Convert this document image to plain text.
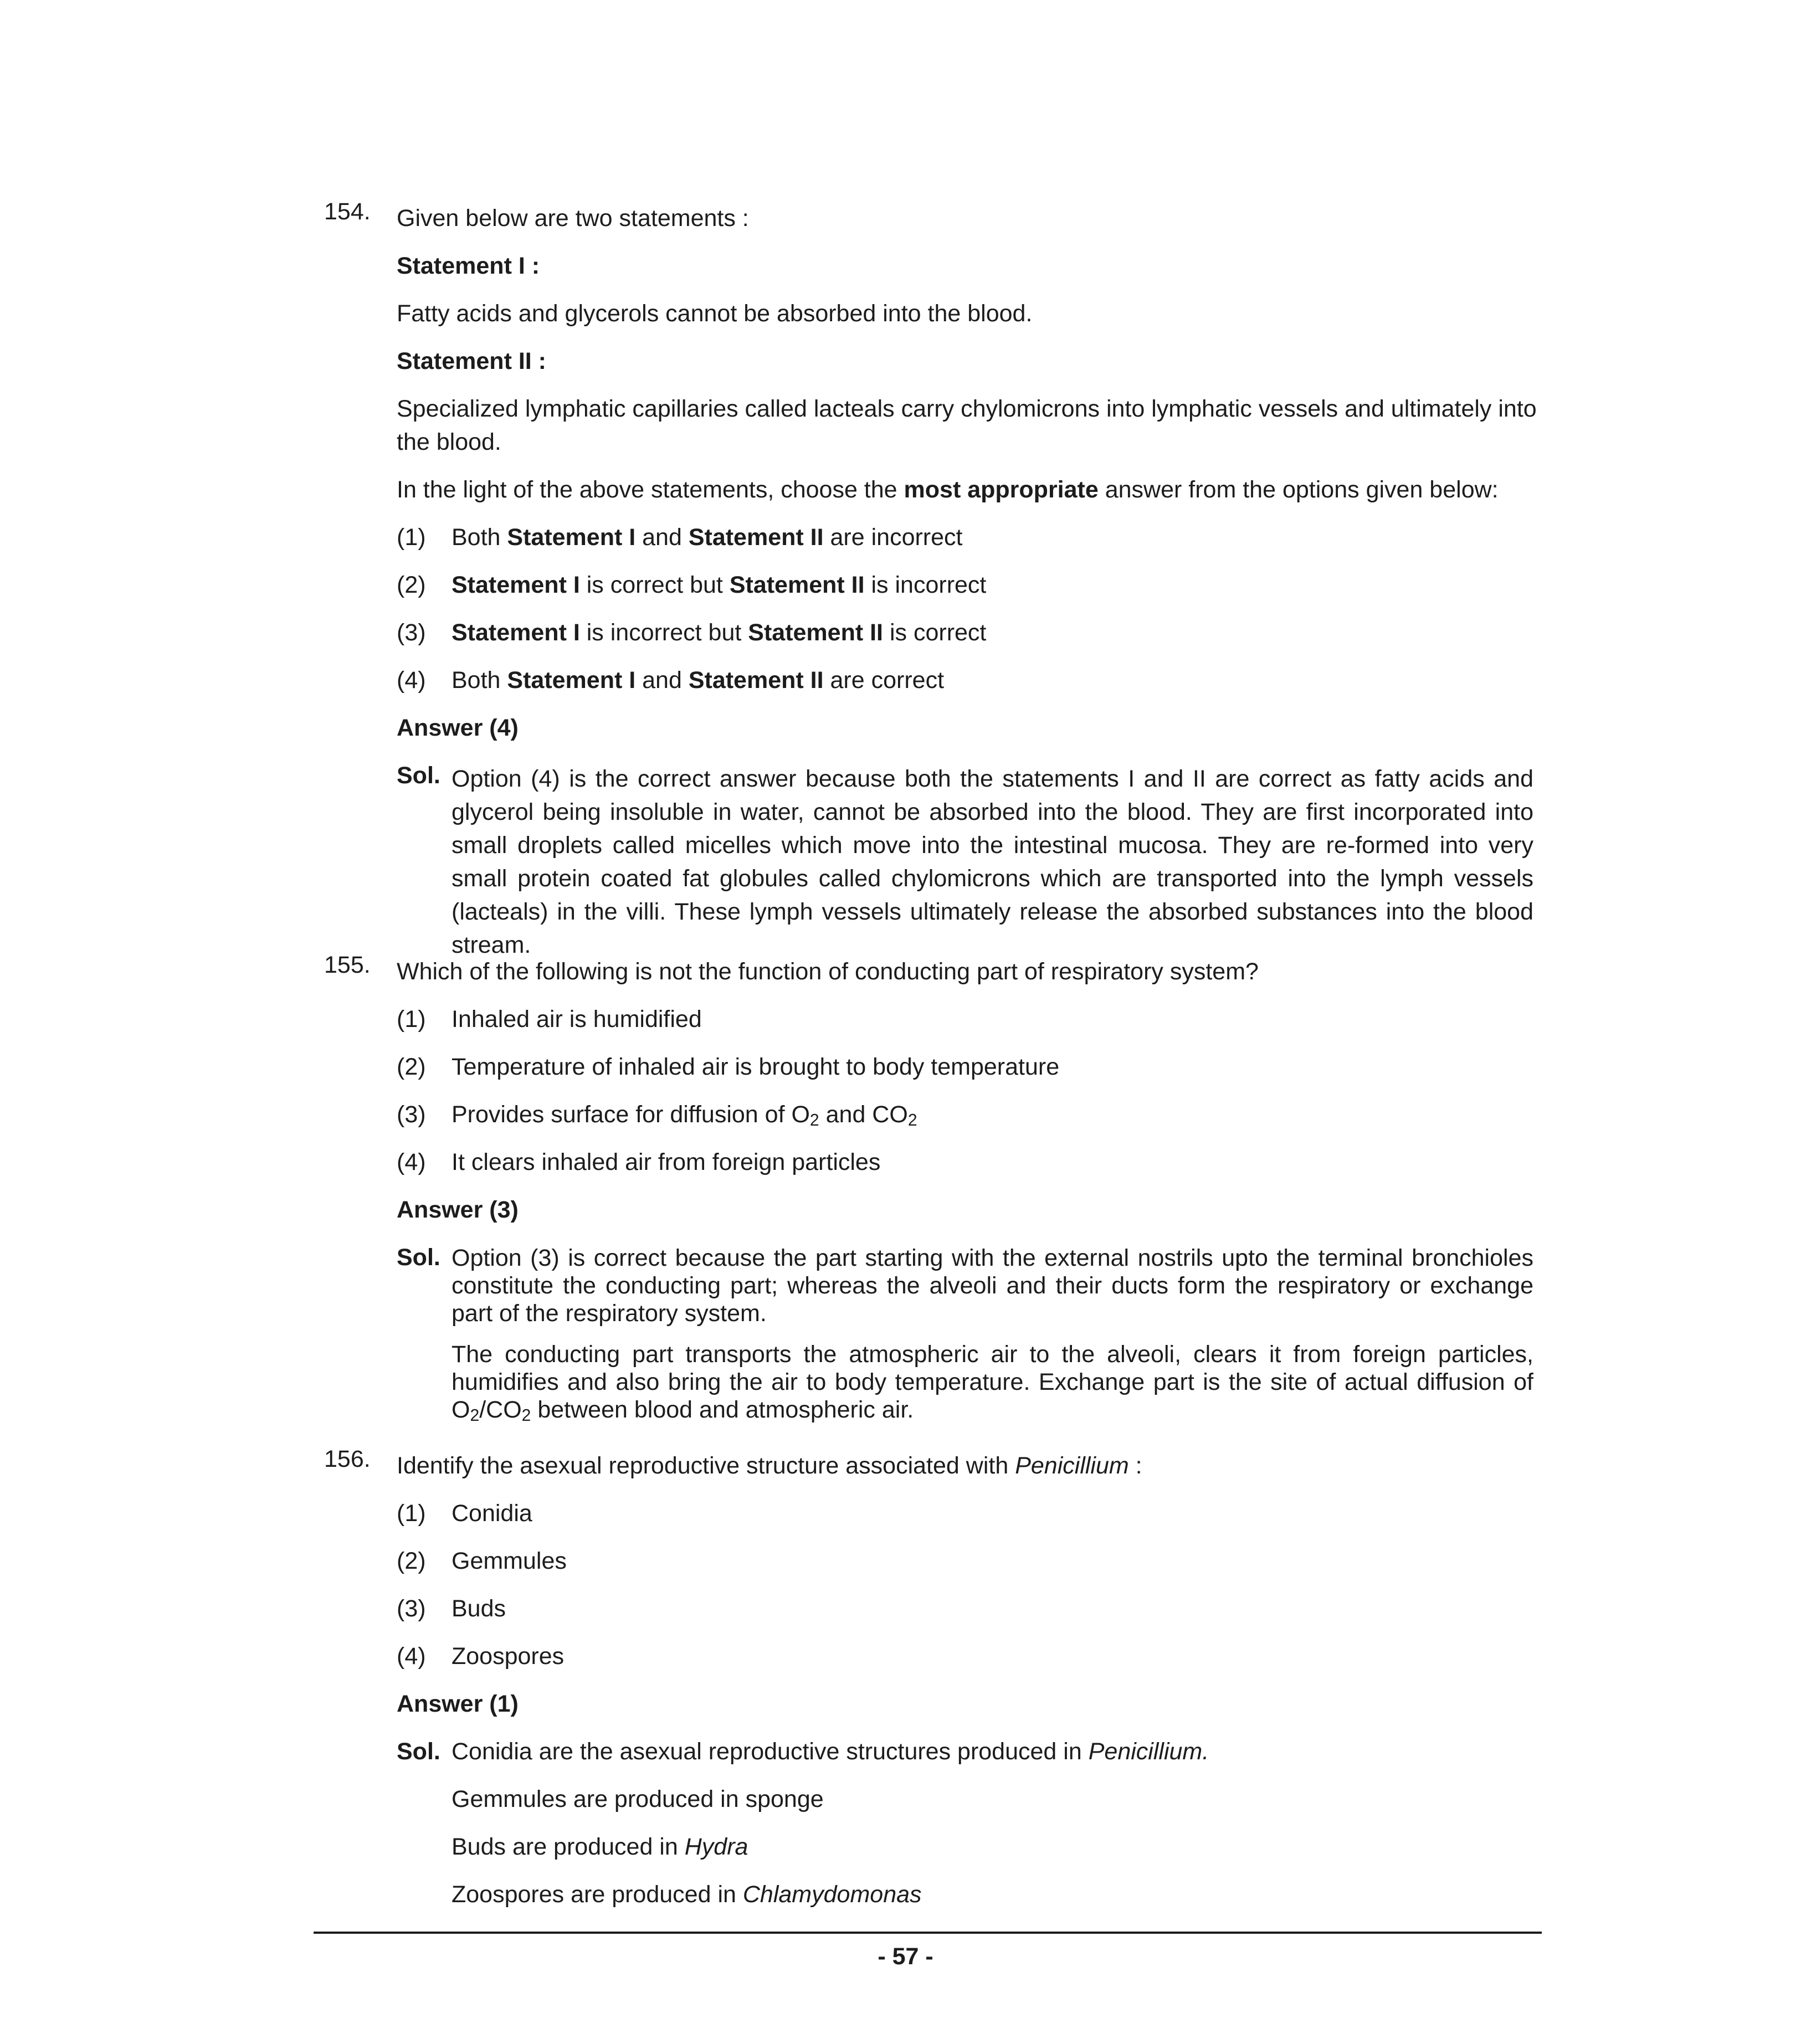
154. Given below are two statements :
Statement I :
Fatty acids and glycerols cannot be absorbed into the blood.
Statement II :
Specialized lymphatic capillaries called lacteals carry chylomicrons into lymphatic vessels and ultimately into
the blood.
In the light of the above statements, choose the most appropriate answer from the options given below:
(1) Both Statement I and Statement II are incorrect
(2) Statement I is correct but Statement II is incorrect
(3) Statement I is incorrect but Statement II is correct
(4) Both Statement I and Statement II are correct
Answer (4)
Sol. Option (4) is the correct answer because both the statements I and II are correct as fatty acids and glycerol being insoluble in water, cannot be absorbed into the blood. They are first incorporated into small droplets called micelles which move into the intestinal mucosa. They are re-formed into very small protein coated fat globules called chylomicrons which are transported into the lymph vessels (lacteals) in the villi. These lymph vessels ultimately release the absorbed substances into the blood stream.
155. Which of the following is not the function of conducting part of respiratory system?
(1) Inhaled air is humidified
(2) Temperature of inhaled air is brought to body temperature
(3) Provides surface for diffusion of $O_2$ and $CO_2$
(4) It clears inhaled air from foreign particles
Answer (3)
Sol. Option (3) is correct because the part starting with the external nostrils upto the terminal bronchioles constitute the conducting part; whereas the alveoli and their ducts form the respiratory or exchange part of the respiratory system.
The conducting part transports the atmospheric air to the alveoli, clears it from foreign particles, humidifies and also bring the air to body temperature. Exchange part is the site of actual diffusion of $O_2/CO_2$ between blood and atmospheric air.
156. Identify the asexual reproductive structure associated with Penicillium :
(1) Conidia
(2) Gemmules
(3) Buds
(4) Zoospores
Answer (1)
Sol. Conidia are the asexual reproductive structures produced in Penicillium.
Gemmules are produced in sponge
Buds are produced in Hydra
Zoospores are produced in Chlamydomonas
- 57 -
